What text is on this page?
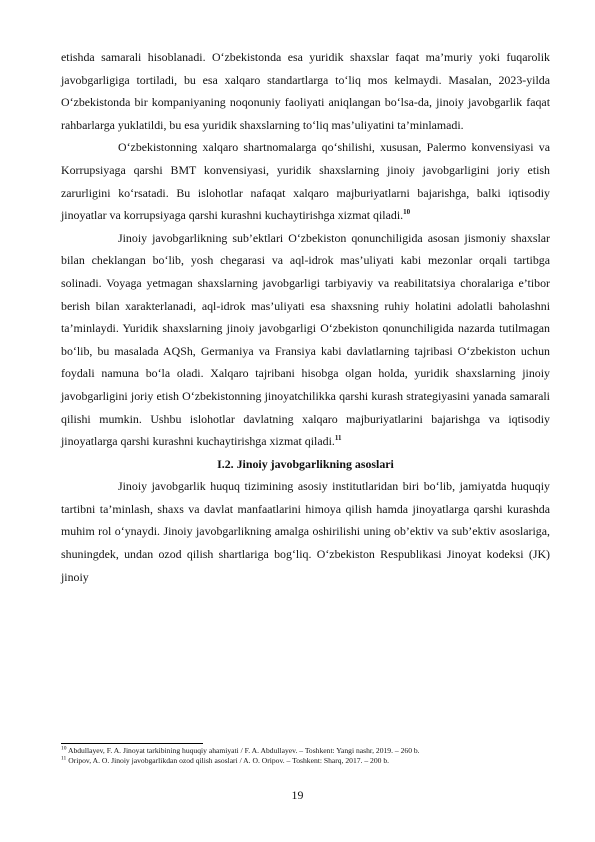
etishda samarali hisoblanadi. O‘zbekistonda esa yuridik shaxslar faqat ma’muriy yoki fuqarolik javobgarligiga tortiladi, bu esa xalqaro standartlarga to‘liq mos kelmaydi. Masalan, 2023-yilda O‘zbekistonda bir kompaniyaning noqonuniy faoliyati aniqlangan bo‘lsa-da, jinoiy javobgarlik faqat rahbarlarga yuklatildi, bu esa yuridik shaxslarning to‘liq mas’uliyatini ta’minlamadi.

O‘zbekistonning xalqaro shartnomalarga qo‘shilishi, xususan, Palermo konvensiyasi va Korrupsiyaga qarshi BMT konvensiyasi, yuridik shaxslarning jinoiy javobgarligini joriy etish zarurligini ko‘rsatadi. Bu islohotlar nafaqat xalqaro majburiyatlarni bajarishga, balki iqtisodiy jinoyatlar va korrupsiyaga qarshi kurashni kuchaytirishga xizmat qiladi.$^{10}$

Jinoiy javobgarlikning sub’ektlari O‘zbekiston qonunchiligida asosan jismoniy shaxslar bilan cheklangan bo‘lib, yosh chegarasi va aql-idrok mas’uliyati kabi mezonlar orqali tartibga solinadi. Voyaga yetmagan shaxslarning javobgarligi tarbiyaviy va reabilitatsiya choralariga e’tibor berish bilan xarakterlanadi, aql-idrok mas’uliyati esa shaxsning ruhiy holatini adolatli baholashni ta’minlaydi. Yuridik shaxslarning jinoiy javobgarligi O‘zbekiston qonunchiligida nazarda tutilmagan bo‘lib, bu masalada AQSh, Germaniya va Fransiya kabi davlatlarning tajribasi O‘zbekiston uchun foydali namuna bo‘la oladi. Xalqaro tajribani hisobga olgan holda, yuridik shaxslarning jinoiy javobgarligini joriy etish O‘zbekistonning jinoyatchilikka qarshi kurash strategiyasini yanada samarali qilishi mumkin. Ushbu islohotlar davlatning xalqaro majburiyatlarini bajarishga va iqtisodiy jinoyatlarga qarshi kurashni kuchaytirishga xizmat qiladi.$^{11}$

I.2. Jinoiy javobgarlikning asoslari

Jinoiy javobgarlik huquq tizimining asosiy institutlaridan biri bo‘lib, jamiyatda huquqiy tartibni ta’minlash, shaxs va davlat manfaatlarini himoya qilish hamda jinoyatlarga qarshi kurashda muhim rol o‘ynaydi. Jinoiy javobgarlikning amalga oshirilishi uning ob’ektiv va sub’ektiv asoslariga, shuningdek, undan ozod qilish shartlariga bog‘liq. O‘zbekiston Respublikasi Jinoyat kodeksi (JK) jinoiy

$^{10}$ Abdullayev, F. A. Jinoyat tarkibining huquqiy ahamiyati / F. A. Abdullayev. – Toshkent: Yangi nashr, 2019. – 260 b.
$^{11}$ Oripov, A. O. Jinoiy javobgarlikdan ozod qilish asoslari / A. O. Oripov. – Toshkent: Sharq, 2017. – 200 b.
19
